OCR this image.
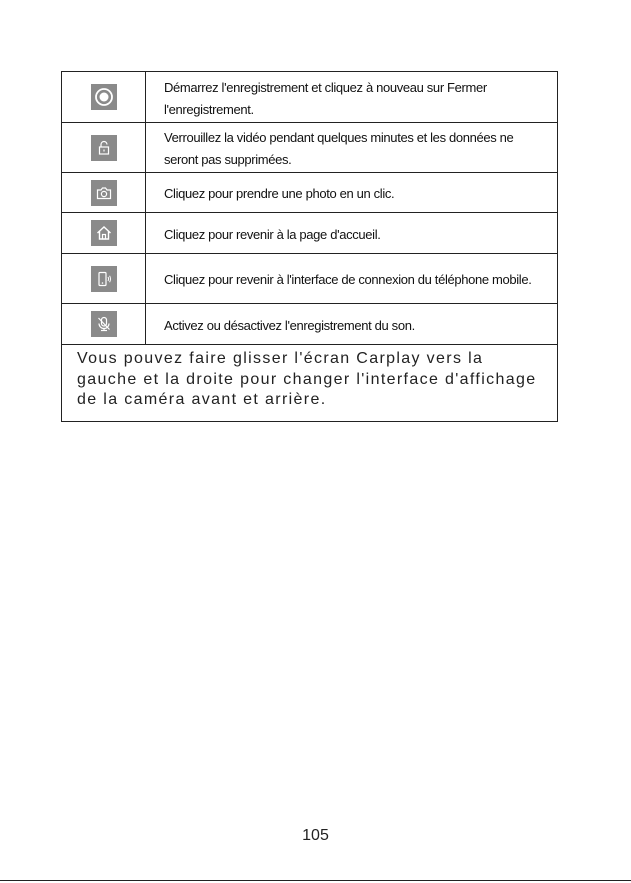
Démarrez l'enregistrement et cliquez à nouveau sur Fermer l'enregistrement.
Verrouillez la vidéo pendant quelques minutes et les données ne seront pas supprimées.
Cliquez pour prendre une photo en un clic.
Cliquez pour revenir à la page d'accueil.
Cliquez pour revenir à l'interface de connexion du téléphone mobile.
Activez ou désactivez l'enregistrement du son.
Vous pouvez faire glisser l'écran Carplay vers la gauche et la droite pour changer l'interface d'affichage de la caméra avant et arrière.
105
